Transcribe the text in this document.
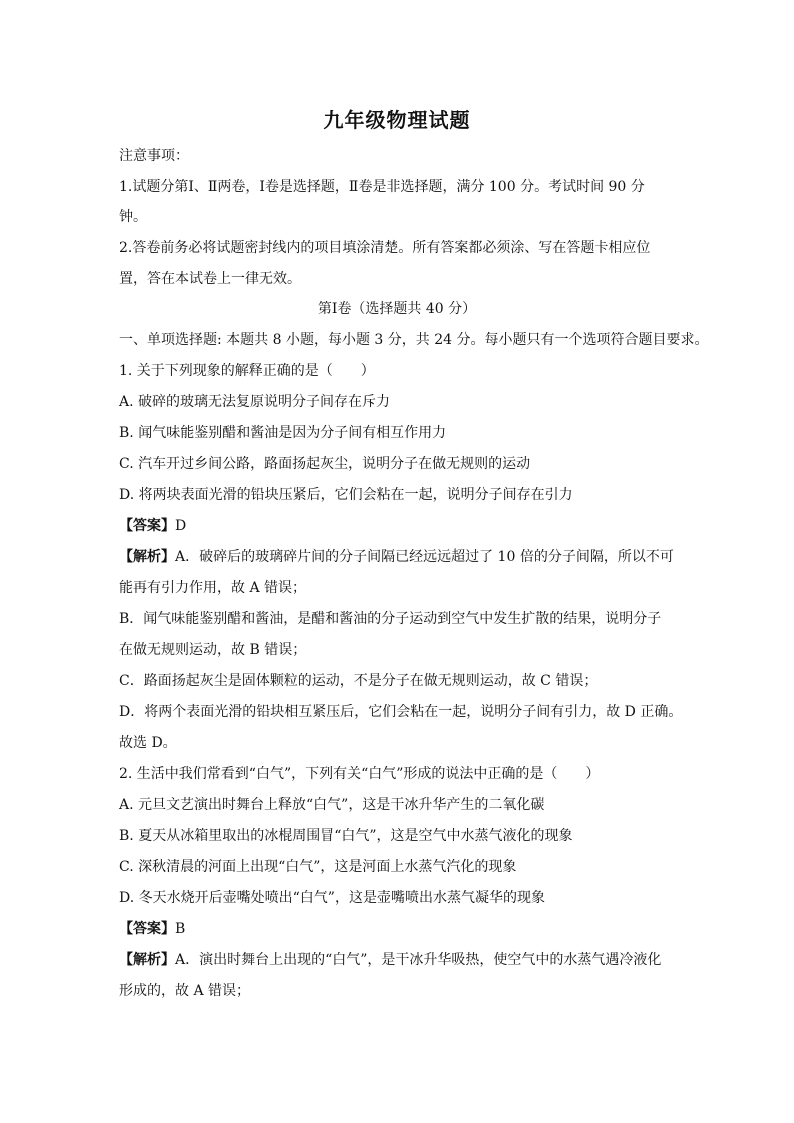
九年级物理试题
注意事项：
1.试题分第Ⅰ、Ⅱ两卷，Ⅰ卷是选择题，Ⅱ卷是非选择题，满分 100 分。考试时间 90 分
钟。
2.答卷前务必将试题密封线内的项目填涂清楚。所有答案都必须涂、写在答题卡相应位
置，答在本试卷上一律无效。
第Ⅰ卷（选择题共 40 分）
一、单项选择题: 本题共 8 小题，每小题 3 分，共 24 分。每小题只有一个选项符合题目要求。
1. 关于下列现象的解释正确的是（　　）
A. 破碎的玻璃无法复原说明分子间存在斥力
B. 闻气味能鉴别醋和酱油是因为分子间有相互作用力
C. 汽车开过乡间公路，路面扬起灰尘，说明分子在做无规则的运动
D. 将两块表面光滑的铅块压紧后，它们会粘在一起，说明分子间存在引力
【答案】D
【解析】A．破碎后的玻璃碎片间的分子间隔已经远远超过了 10 倍的分子间隔，所以不可
能再有引力作用，故 A 错误；
B．闻气味能鉴别醋和酱油，是醋和酱油的分子运动到空气中发生扩散的结果，说明分子
在做无规则运动，故 B 错误；
C．路面扬起灰尘是固体颗粒的运动，不是分子在做无规则运动，故 C 错误；
D．将两个表面光滑的铅块相互紧压后，它们会粘在一起，说明分子间有引力，故 D 正确。
故选 D。
2. 生活中我们常看到“白气”，下列有关“白气”形成的说法中正确的是（　　）
A. 元旦文艺演出时舞台上释放“白气”，这是干冰升华产生的二氧化碳
B. 夏天从冰箱里取出的冰棍周围冒“白气”，这是空气中水蒸气液化的现象
C. 深秋清晨的河面上出现“白气”，这是河面上水蒸气汽化的现象
D. 冬天水烧开后壶嘴处喷出“白气”，这是壶嘴喷出水蒸气凝华的现象
【答案】B
【解析】A．演出时舞台上出现的“白气”，是干冰升华吸热，使空气中的水蒸气遇冷液化
形成的，故 A 错误；
